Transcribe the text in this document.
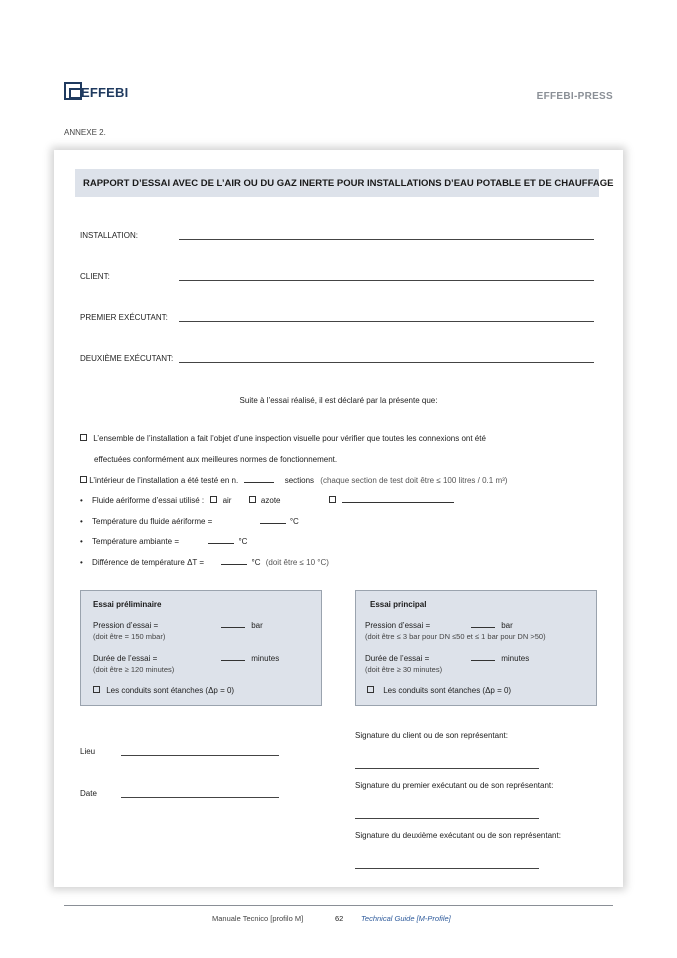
EFFEBI	EFFEBI-PRESS
ANNEXE 2.
RAPPORT D’ESSAI AVEC DE L’AIR OU DU GAZ INERTE POUR INSTALLATIONS D’EAU POTABLE ET DE CHAUFFAGE
INSTALLATION:
CLIENT:
PREMIER EXÉCUTANT:
DEUXIÈME EXÉCUTANT:
Suite à l’essai réalisé, il est déclaré par la présente que:
L’ensemble de l’installation a fait l’objet d’une inspection visuelle pour vérifier que toutes les connexions ont été
effectuées conformément aux meilleures normes de fonctionnement.
L’intérieur de l’installation a été testé en n.	sections (chaque section de test doit être ≤ 100 litres / 0.1 m³)
• Fluide aériforme d’essai utilisé : air	azote
• Température du fluide aériforme =	°C
• Température ambiante =	°C
• Différence de température ΔT =	°C (doit être ≤ 10 °C)
Essai préliminaire
Pression d’essai =	bar
(doit être = 150 mbar)
Durée de l’essai =	minutes
(doit être ≥ 120 minutes)
Les conduits sont étanches (Δp = 0)
Essai principal
Pression d’essai =	bar
(doit être ≤ 3 bar pour DN ≤50 et ≤ 1 bar pour DN >50)
Durée de l’essai =	minutes
(doit être ≥ 30 minutes)
Les conduits sont étanches (Δp = 0)
Lieu
Date
Signature du client ou de son représentant:
Signature du premier exécutant ou de son représentant:
Signature du deuxième exécutant ou de son représentant:
Manuale Tecnico [profilo M]	62 Technical Guide [M-Profile]
